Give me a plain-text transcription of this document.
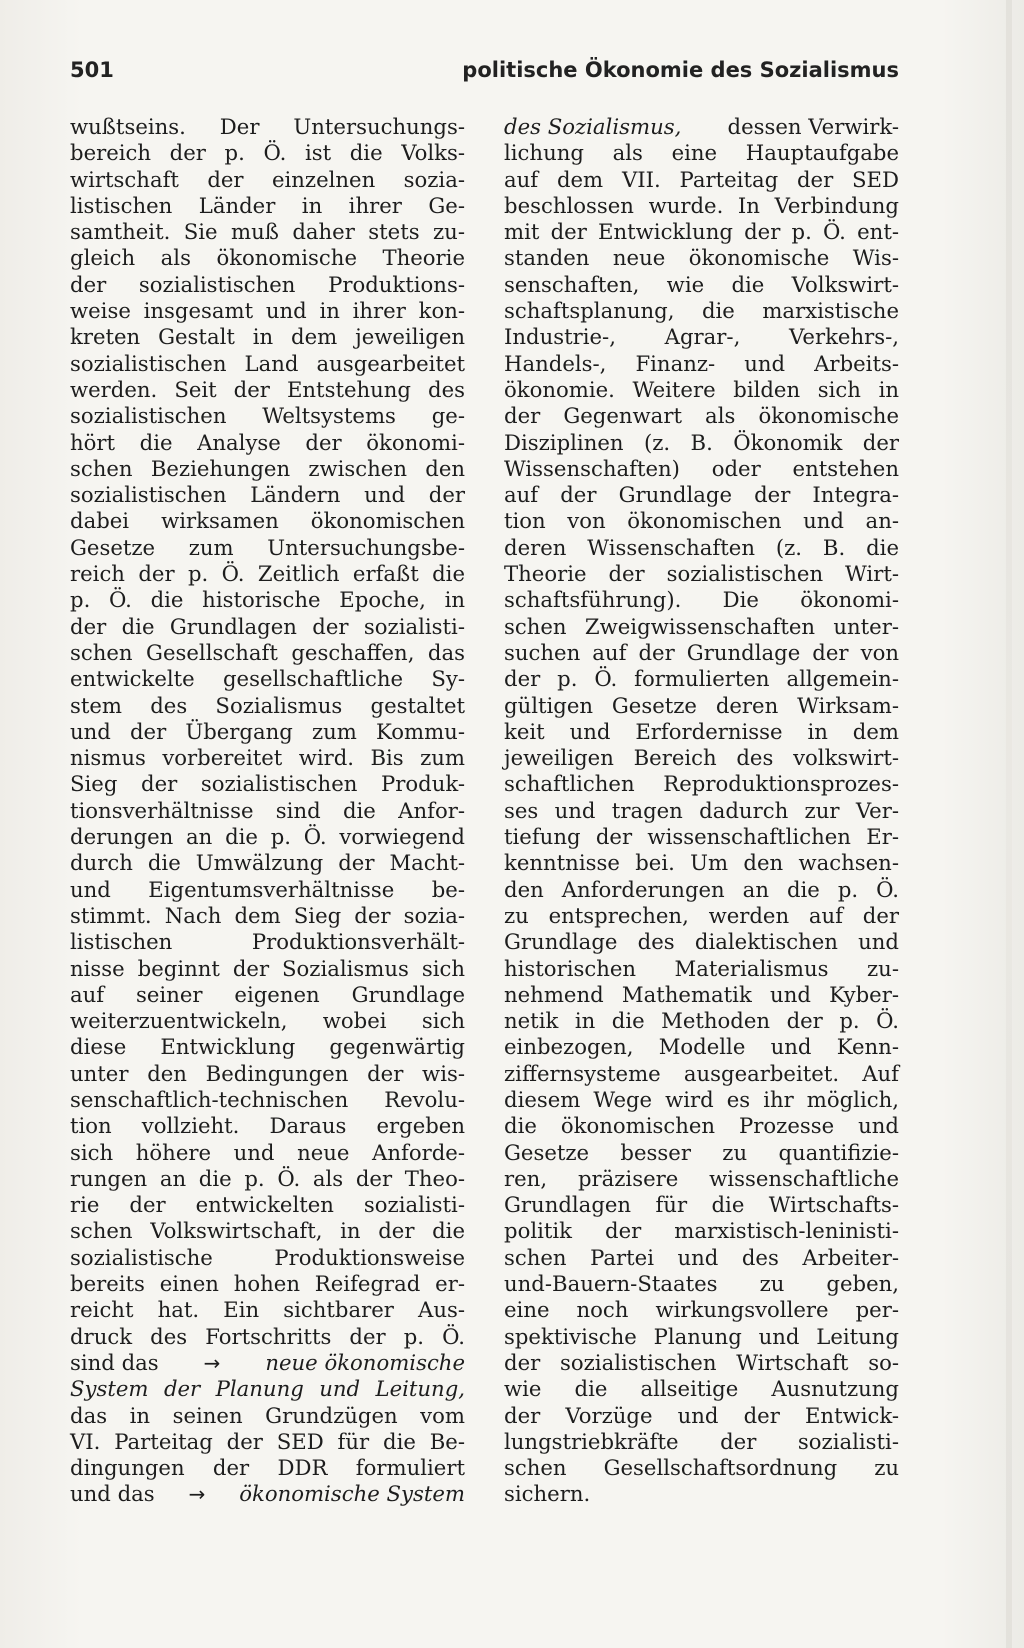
501	politische Ökonomie des Sozialismus
wußtseins. Der Untersuchungs-
bereich der p. Ö. ist die Volks-
wirtschaft der einzelnen sozia-
listischen Länder in ihrer Ge-
samtheit. Sie muß daher stets zu-
gleich als ökonomische Theorie
der sozialistischen Produktions-
weise insgesamt und in ihrer kon-
kreten Gestalt in dem jeweiligen
sozialistischen Land ausgearbeitet
werden. Seit der Entstehung des
sozialistischen Weltsystems ge-
hört die Analyse der ökonomi-
schen Beziehungen zwischen den
sozialistischen Ländern und der
dabei wirksamen ökonomischen
Gesetze zum Untersuchungsbe-
reich der p. Ö. Zeitlich erfaßt die
p. Ö. die historische Epoche, in
der die Grundlagen der sozialisti-
schen Gesellschaft geschaffen, das
entwickelte gesellschaftliche Sy-
stem des Sozialismus gestaltet
und der Übergang zum Kommu-
nismus vorbereitet wird. Bis zum
Sieg der sozialistischen Produk-
tionsverhältnisse sind die Anfor-
derungen an die p. Ö. vorwiegend
durch die Umwälzung der Macht-
und Eigentumsverhältnisse be-
stimmt. Nach dem Sieg der sozia-
listischen Produktionsverhält-
nisse beginnt der Sozialismus sich
auf seiner eigenen Grundlage
weiterzuentwickeln, wobei sich
diese Entwicklung gegenwärtig
unter den Bedingungen der wis-
senschaftlich-technischen Revolu-
tion vollzieht. Daraus ergeben
sich höhere und neue Anforde-
rungen an die p. Ö. als der Theo-
rie der entwickelten sozialisti-
schen Volkswirtschaft, in der die
sozialistische Produktionsweise
bereits einen hohen Reifegrad er-
reicht hat. Ein sichtbarer Aus-
druck des Fortschritts der p. Ö.
sind das → neue ökonomische
System der Planung und Leitung,
das in seinen Grundzügen vom
VI. Parteitag der SED für die Be-
dingungen der DDR formuliert
und das → ökonomische System
des Sozialismus, dessen Verwirk-
lichung als eine Hauptaufgabe
auf dem VII. Parteitag der SED
beschlossen wurde. In Verbindung
mit der Entwicklung der p. Ö. ent-
standen neue ökonomische Wis-
senschaften, wie die Volkswirt-
schaftsplanung, die marxistische
Industrie-, Agrar-, Verkehrs-,
Handels-, Finanz- und Arbeits-
ökonomie. Weitere bilden sich in
der Gegenwart als ökonomische
Disziplinen (z. B. Ökonomik der
Wissenschaften) oder entstehen
auf der Grundlage der Integra-
tion von ökonomischen und an-
deren Wissenschaften (z. B. die
Theorie der sozialistischen Wirt-
schaftsführung). Die ökonomi-
schen Zweigwissenschaften unter-
suchen auf der Grundlage der von
der p. Ö. formulierten allgemein-
gültigen Gesetze deren Wirksam-
keit und Erfordernisse in dem
jeweiligen Bereich des volkswirt-
schaftlichen Reproduktionsprozes-
ses und tragen dadurch zur Ver-
tiefung der wissenschaftlichen Er-
kenntnisse bei. Um den wachsen-
den Anforderungen an die p. Ö.
zu entsprechen, werden auf der
Grundlage des dialektischen und
historischen Materialismus zu-
nehmend Mathematik und Kyber-
netik in die Methoden der p. Ö.
einbezogen, Modelle und Kenn-
ziffernsysteme ausgearbeitet. Auf
diesem Wege wird es ihr möglich,
die ökonomischen Prozesse und
Gesetze besser zu quantifizie-
ren, präzisere wissenschaftliche
Grundlagen für die Wirtschafts-
politik der marxistisch-leninisti-
schen Partei und des Arbeiter-
und-Bauern-Staates zu geben,
eine noch wirkungsvollere per-
spektivische Planung und Leitung
der sozialistischen Wirtschaft so-
wie die allseitige Ausnutzung
der Vorzüge und der Entwick-
lungstriebkräfte der sozialisti-
schen Gesellschaftsordnung zu
sichern.
